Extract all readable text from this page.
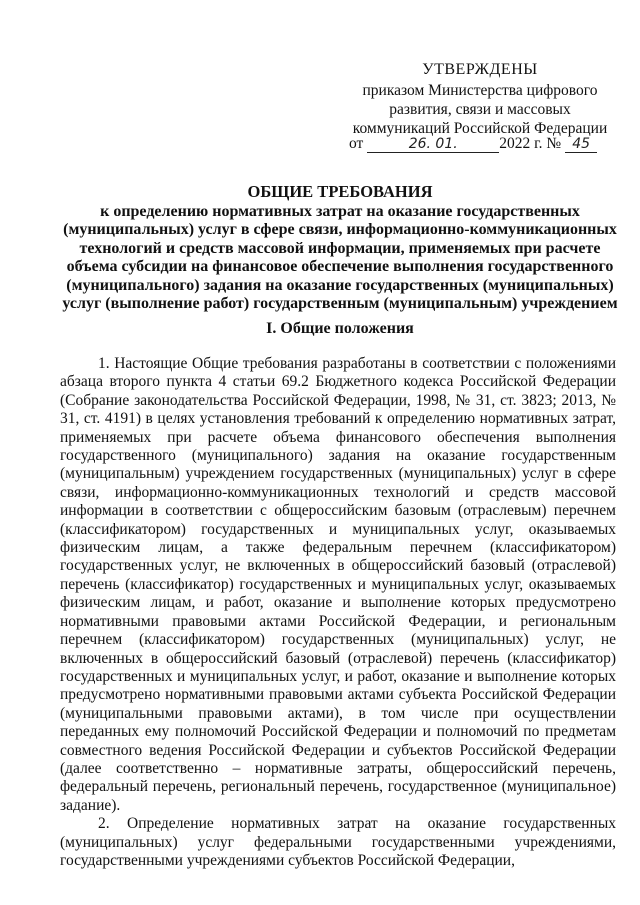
УТВЕРЖДЕНЫ
приказом Министерства цифрового
развития, связи и массовых
коммуникаций Российской Федерации
от	26. 01.	2022 г. № 45
ОБЩИЕ ТРЕБОВАНИЯ
к определению нормативных затрат на оказание государственных (муниципальных) услуг в сфере связи, информационно-коммуникационных технологий и средств массовой информации, применяемых при расчете объема субсидии на финансовое обеспечение выполнения государственного (муниципального) задания на оказание государственных (муниципальных) услуг (выполнение работ) государственным (муниципальным) учреждением
I. Общие положения

1. Настоящие Общие требования разработаны в соответствии с положениями абзаца второго пункта 4 статьи 69.2 Бюджетного кодекса Российской Федерации (Собрание законодательства Российской Федерации, 1998, № 31, ст. 3823; 2013, № 31, ст. 4191) в целях установления требований к определению нормативных затрат, применяемых при расчете объема финансового обеспечения выполнения государственного (муниципального) задания на оказание государственным (муниципальным) учреждением государственных (муниципальных) услуг в сфере связи, информационно-коммуникационных технологий и средств массовой информации в соответствии с общероссийским базовым (отраслевым) перечнем (классификатором) государственных и муниципальных услуг, оказываемых физическим лицам, а также федеральным перечнем (классификатором) государственных услуг, не включенных в общероссийский базовый (отраслевой) перечень (классификатор) государственных и муниципальных услуг, оказываемых физическим лицам, и работ, оказание и выполнение которых предусмотрено нормативными правовыми актами Российской Федерации, и региональным перечнем (классификатором) государственных (муниципальных) услуг, не включенных в общероссийский базовый (отраслевой) перечень (классификатор) государственных и муниципальных услуг, и работ, оказание и выполнение которых предусмотрено нормативными правовыми актами субъекта Российской Федерации (муниципальными правовыми актами), в том числе при осуществлении переданных ему полномочий Российской Федерации и полномочий по предметам совместного ведения Российской Федерации и субъектов Российской Федерации (далее соответственно – нормативные затраты, общероссийский перечень, федеральный перечень, региональный перечень, государственное (муниципальное) задание).

2. Определение нормативных затрат на оказание государственных (муниципальных) услуг федеральными государственными учреждениями, государственными учреждениями субъектов Российской Федерации,
